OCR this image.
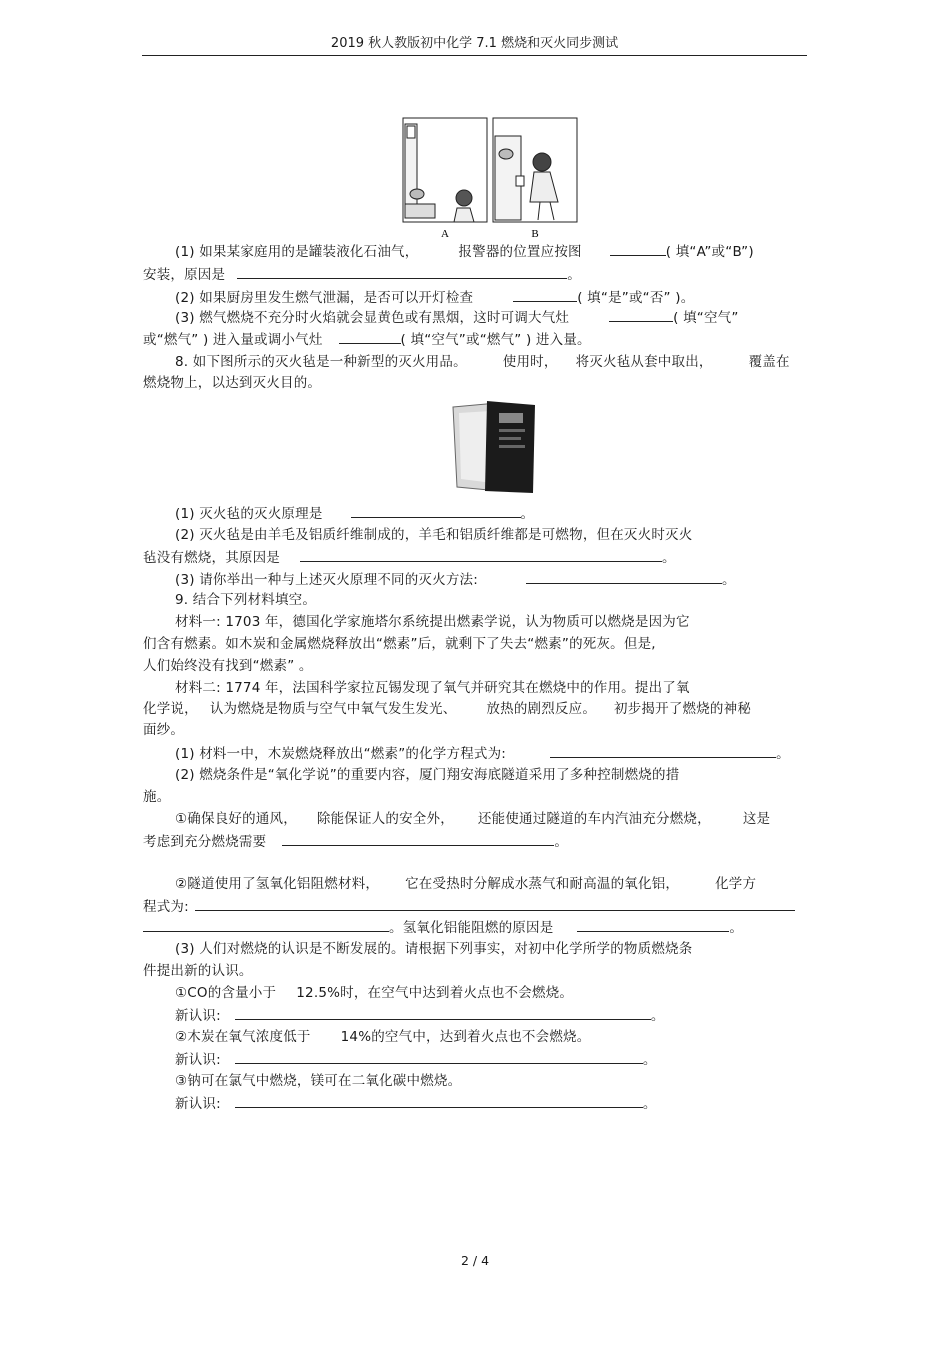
2019 秋人教版初中化学 7.1 燃烧和灭火同步测试
A	B
(1) 如果某家庭用的是罐装液化石油气，	报警器的位置应按图	( 填“A”或“B”)
安装，原因是	。
(2) 如果厨房里发生燃气泄漏，是否可以开灯检查	( 填“是”或“否” )。
(3) 燃气燃烧不充分时火焰就会显黄色或有黑烟，这时可调大气灶	( 填“空气”
或“燃气” ) 进入量或调小气灶	( 填“空气”或“燃气” ) 进入量。
8. 如下图所示的灭火毡是一种新型的灭火用品。	使用时， 将灭火毡从套中取出，	覆盖在
燃烧物上，以达到灭火目的。
(1) 灭火毡的灭火原理是	。
(2) 灭火毡是由羊毛及铝质纤维制成的，羊毛和铝质纤维都是可燃物，但在灭火时灭火
毡没有燃烧，其原因是	。
(3) 请你举出一种与上述灭火原理不同的灭火方法:	。
9. 结合下列材料填空。
材料一: 1703 年，德国化学家施塔尔系统提出燃素学说，认为物质可以燃烧是因为它
们含有燃素。如木炭和金属燃烧释放出“燃素”后，就剩下了失去“燃素”的死灰。但是,
人们始终没有找到“燃素” 。
材料二: 1774 年，法国科学家拉瓦锡发现了氧气并研究其在燃烧中的作用。提出了氧
化学说， 认为燃烧是物质与空气中氧气发生发光、 放热的剧烈反应。 初步揭开了燃烧的神秘
面纱。
(1) 材料一中，木炭燃烧释放出“燃素”的化学方程式为:	。
(2) 燃烧条件是“氧化学说”的重要内容，厦门翔安海底隧道采用了多种控制燃烧的措
施。
①确保良好的通风， 除能保证人的安全外， 还能使通过隧道的车内汽油充分燃烧， 这是
考虑到充分燃烧需要	。
②隧道使用了氢氧化铝阻燃材料， 它在受热时分解成水蒸气和耐高温的氧化铝，	化学方
程式为:
。氢氧化铝能阻燃的原因是	。
(3) 人们对燃烧的认识是不断发展的。请根据下列事实，对初中化学所学的物质燃烧条
件提出新的认识。
①CO的含量小于 12.5%时，在空气中达到着火点也不会燃烧。
新认识:	。
②木炭在氧气浓度低于 14%的空气中，达到着火点也不会燃烧。
新认识:	。
③钠可在氯气中燃烧，镁可在二氧化碳中燃烧。
新认识:	。
2 / 4
